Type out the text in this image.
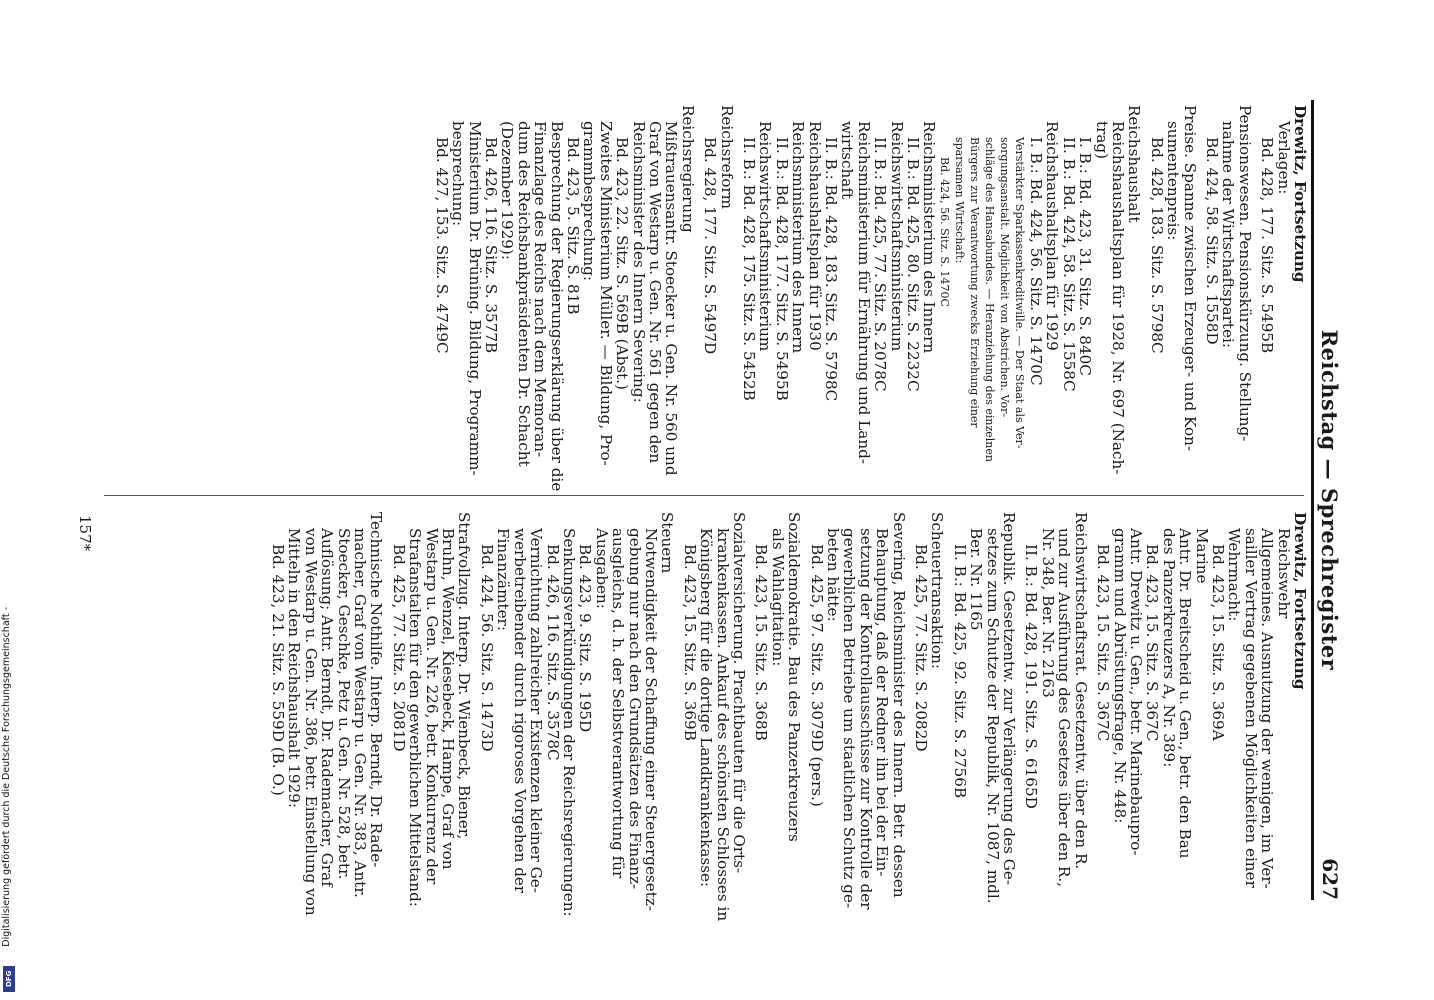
Reichstag — Sprechregister
627

Drewitz, Fortsetzung

Verlagen:

Bd. 428, 177. Sitz. S. 5495B

Pensionswesen. Pensionskürzung. Stellung-

nahme der Wirtschaftspartei:

Bd. 424, 58. Sitz. S. 1558D

Preise. Spanne zwischen Erzeuger- und Kon-

sumentenpreis:

Bd. 428, 183. Sitz. S. 5798C

Reichshaushalt

Reichshaushaltsplan für 1928, Nr. 697 (Nach-

trag)

I. B.: Bd. 423, 31. Sitz. S. 840C

II. B.: Bd. 424, 58. Sitz. S. 1558C

Reichshaushaltsplan für 1929

I. B.: Bd. 424, 56. Sitz. S. 1470C

Verstärkter Sparkassenkreditwille. — Der Staat als Ver-

sorgungsanstalt. Möglichkeit von Abstrichen. Vor-

schläge des Hansabundes. — Heranziehung des einzelnen

Bürgers zur Verantwortung zwecks Erziehung einer

sparsamen Wirtschaft:

Bd. 424, 56. Sitz. S. 1470C

Reichsministerium des Innern

II. B.: Bd. 425, 80. Sitz. S. 2232C

Reichswirtschaftsministerium

II. B.: Bd. 425, 77. Sitz. S. 2078C

Reichsministerium für Ernährung und Land-

wirtschaft

II. B.: Bd. 428, 183. Sitz. S. 5798C

Reichshaushaltsplan für 1930

Reichsministerium des Innern

II. B.: Bd. 428, 177. Sitz. S. 5495B

Reichswirtschaftsministerium

II. B.: Bd. 428, 175. Sitz. S. 5452B

Reichsreform

Bd. 428, 177. Sitz. S. 5497D

Reichsregierung

Mißtrauensantr. Stoecker u. Gen. Nr. 560 und

Graf von Westarp u. Gen. Nr. 561 gegen den

Reichsminister des Innern Severing:

Bd. 423, 22. Sitz. S. 569B (Abst.)

Zweites Ministerium Müller. — Bildung, Pro-

grammbesprechung:

Bd. 423, 5. Sitz. S. 81B

Besprechung der Regierungserklärung über die

Finanzlage des Reichs nach dem Memoran-

dum des Reichsbankpräsidenten Dr. Schacht

(Dezember 1929):

Bd. 426, 116. Sitz. S. 3577B

Ministerium Dr. Brüning. Bildung, Programm-

besprechung:

Bd. 427, 153. Sitz. S. 4749C

Drewitz, Fortsetzung

Reichswehr

Allgemeines. Ausnutzung der wenigen, im Ver-

sailler Vertrag gegebenen Möglichkeiten einer

Wehrmacht:

Bd. 423, 15. Sitz. S. 369A

Marine

Antr. Dr. Breitscheid u. Gen., betr. den Bau

des Panzerkreuzers A, Nr. 389:

Bd. 423, 15. Sitz. S. 367C

Antr. Drewitz u. Gen., betr. Marinebaupro-

gramm und Abrüstungsfrage, Nr. 448:

Bd. 423, 15. Sitz. S. 367C

Reichswirtschaftsrat. Gesetzentw. über den R.

und zur Ausführung des Gesetzes über den R.,

Nr. 348, Ber. Nr. 2163

II. B.: Bd. 428, 191. Sitz. S. 6165D

Republik. Gesetzentw. zur Verlängerung des Ge-

setzes zum Schutze der Republik, Nr. 1087, mdl.

Ber. Nr. 1165

II. B.: Bd. 425, 92. Sitz. S. 2756B

Scheuertransaktion:

Bd. 425, 77. Sitz. S. 2082D

Severing, Reichsminister des Innern. Betr. dessen

Behauptung, daß der Redner ihn bei der Ein-

setzung der Kontrollausschüsse zur Kontrolle der

gewerblichen Betriebe um staatlichen Schutz ge-

beten hätte:

Bd. 425, 97. Sitz. S. 3079D (pers.)

Sozialdemokratie. Bau des Panzerkreuzers

als Wahlagitation:

Bd. 423, 15. Sitz. S. 368B

Sozialversicherung. Prachtbauten für die Orts-

krankenkassen. Ankauf des schönsten Schlosses in

Königsberg für die dortige Landkrankenkasse:

Bd. 423, 15. Sitz. S. 369B

Steuern

Notwendigkeit der Schaffung einer Steuergesetz-

gebung nur nach den Grundsätzen des Finanz-

ausgleichs, d. h. der Selbstverantwortung für

Ausgaben:

Bd. 423, 9. Sitz. S. 195D

Senkungsverkündigungen der Reichsregierungen:

Bd. 426, 116. Sitz. S. 3578C

Vernichtung zahlreicher Existenzen kleiner Ge-

werbetreibender durch rigoroses Vorgehen der

Finanzämter:

Bd. 424, 56. Sitz. S. 1473D

Strafvollzug. Interp. Dr. Wienbeck, Biener,

Bruhn, Wenzel, Kiesebeck, Hampe, Graf von

Westarp u. Gen. Nr. 226, betr. Konkurrenz der

Strafanstalten für den gewerblichen Mittelstand:

Bd. 425, 77. Sitz. S. 2081D

Technische Nothilfe. Interp. Berndt, Dr. Rade-

macher, Graf von Westarp u. Gen. Nr. 383, Antr.

Stoecker, Geschke, Petz u. Gen. Nr. 528, betr.

Auflösung; Antr. Berndt, Dr. Rademacher, Graf

von Westarp u. Gen. Nr. 386, betr. Einstellung von

Mitteln in den Reichshaushalt 1929:

Bd. 423, 21. Sitz. S. 559D (B. O.)

157*
Digitalisierung gefördert durch die Deutsche Forschungsgemeinschaft -
DFG
